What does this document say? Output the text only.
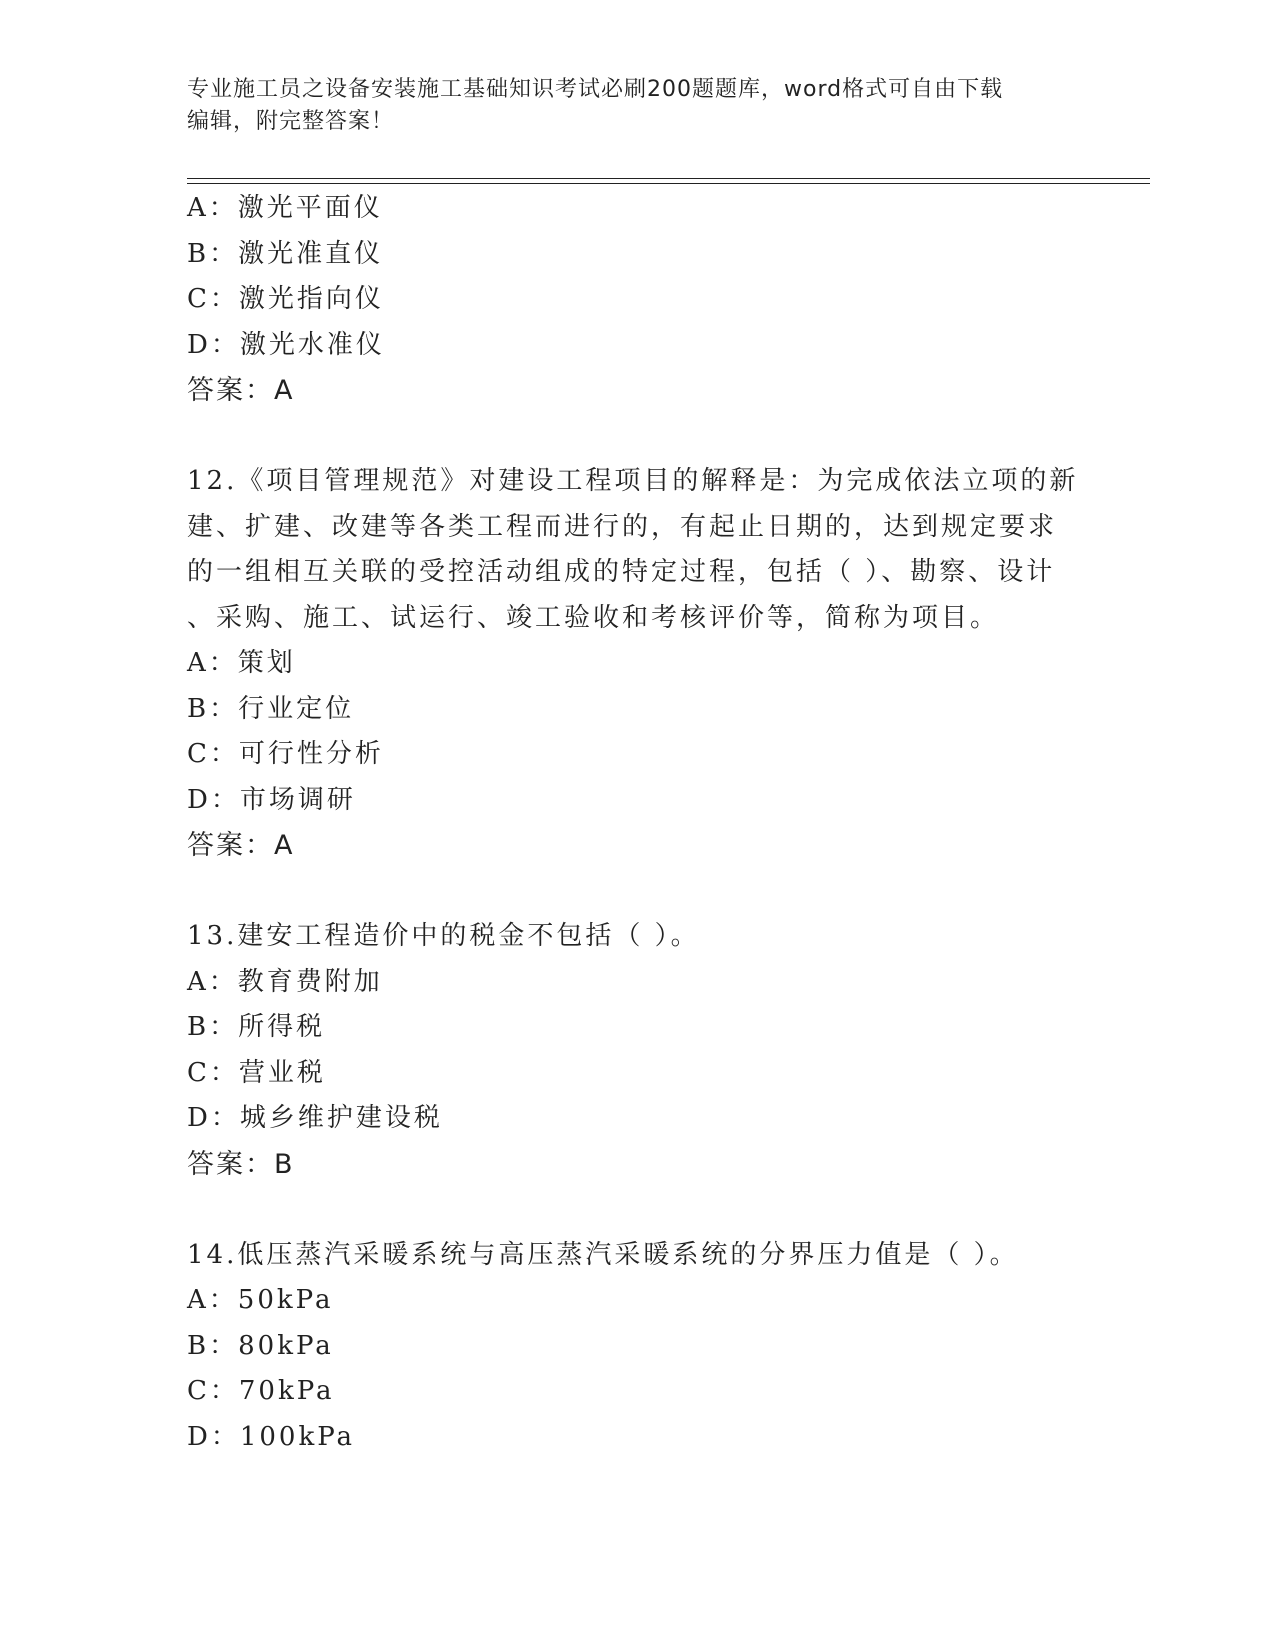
专业施工员之设备安装施工基础知识考试必刷200题题库，word格式可自由下载
编辑，附完整答案！
A：激光平面仪
B：激光准直仪
C：激光指向仪
D：激光水准仪
答案：A
12.《项目管理规范》对建设工程项目的解释是：为完成依法立项的新
建、扩建、改建等各类工程而进行的，有起止日期的，达到规定要求
的一组相互关联的受控活动组成的特定过程，包括（ ）、勘察、设计
、采购、施工、试运行、竣工验收和考核评价等，简称为项目。
A：策划
B：行业定位
C：可行性分析
D：市场调研
答案：A
13.建安工程造价中的税金不包括（ ）。
A：教育费附加
B：所得税
C：营业税
D：城乡维护建设税
答案：B
14.低压蒸汽采暖系统与高压蒸汽采暖系统的分界压力值是（ ）。
A：50kPa
B：80kPa
C：70kPa
D：100kPa
